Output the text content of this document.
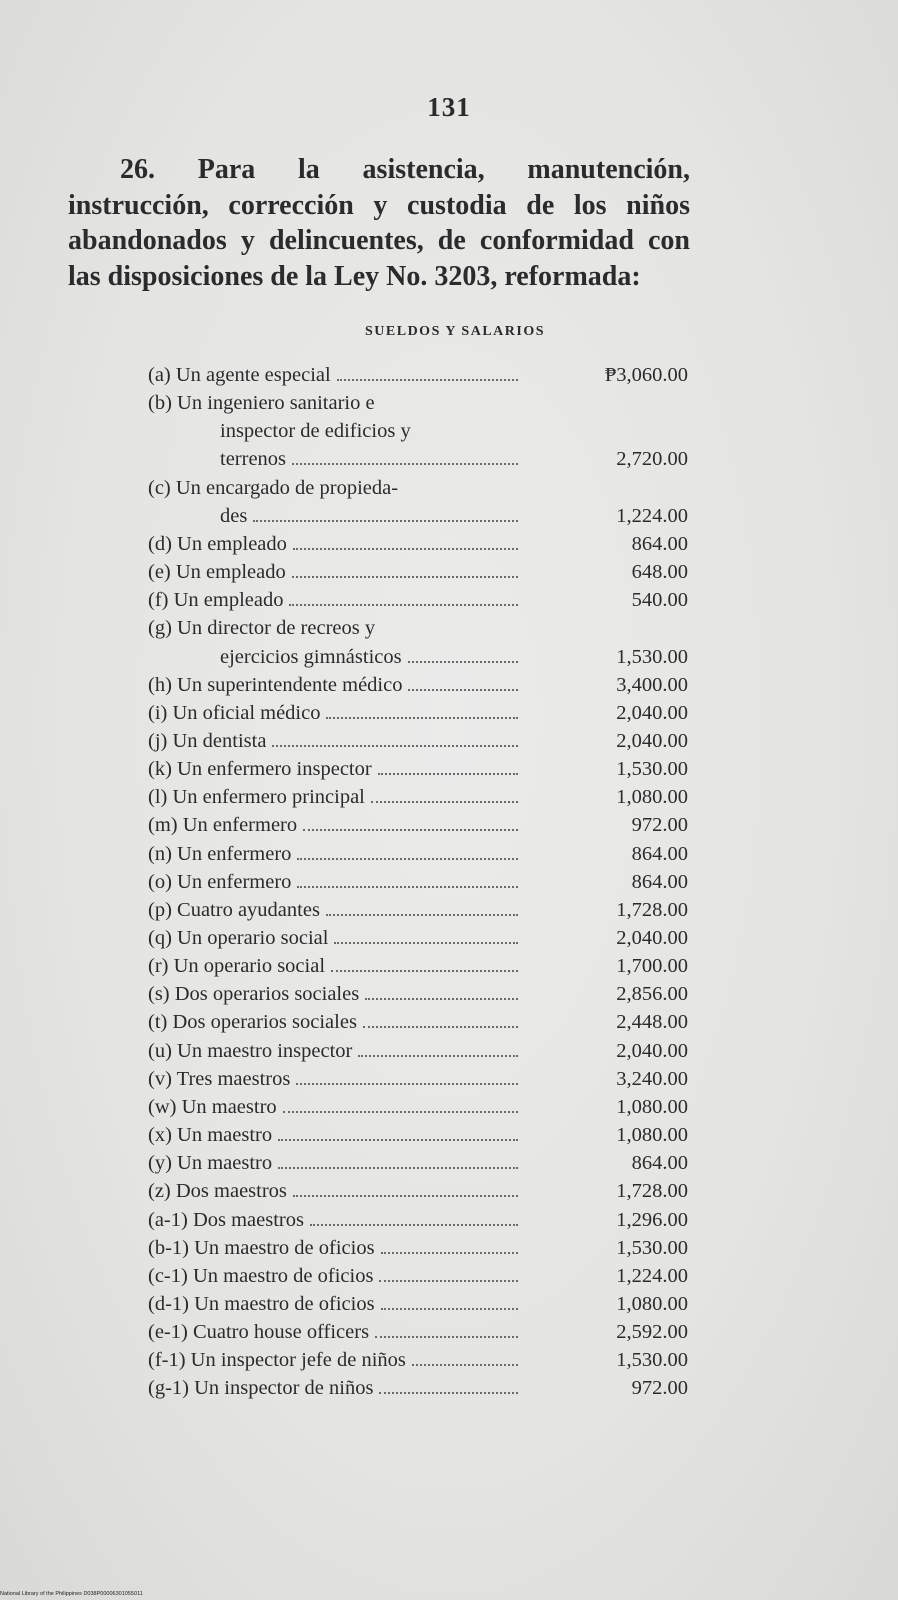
131

26. Para la asistencia, manutención, instrucción, corrección y custodia de los niños abandonados y delincuentes, de conformidad con las disposiciones de la Ley No. 3203, reformada:

SUELDOS Y SALARIOS
(a) Un agente especial	₱3,060.00
(b) Un ingeniero sanitario e
inspector de edificios y
terrenos	2,720.00
(c) Un encargado de propieda-
des	1,224.00
(d) Un empleado	864.00
(e) Un empleado	648.00
(f) Un empleado	540.00
(g) Un director de recreos y
ejercicios gimnásticos	1,530.00
(h) Un superintendente médico	3,400.00
(i) Un oficial médico	2,040.00
(j) Un dentista	2,040.00
(k) Un enfermero inspector	1,530.00
(l) Un enfermero principal	1,080.00
(m) Un enfermero	972.00
(n) Un enfermero	864.00
(o) Un enfermero	864.00
(p) Cuatro ayudantes	1,728.00
(q) Un operario social	2,040.00
(r) Un operario social	1,700.00
(s) Dos operarios sociales	2,856.00
(t) Dos operarios sociales	2,448.00
(u) Un maestro inspector	2,040.00
(v) Tres maestros	3,240.00
(w) Un maestro	1,080.00
(x) Un maestro	1,080.00
(y) Un maestro	864.00
(z) Dos maestros	1,728.00
(a-1) Dos maestros	1,296.00
(b-1) Un maestro de oficios	1,530.00
(c-1) Un maestro de oficios	1,224.00
(d-1) Un maestro de oficios	1,080.00
(e-1) Cuatro house officers	2,592.00
(f-1) Un inspector jefe de niños	1,530.00
(g-1) Un inspector de niños	972.00
National Library of the Philippines D038P00006301055011
